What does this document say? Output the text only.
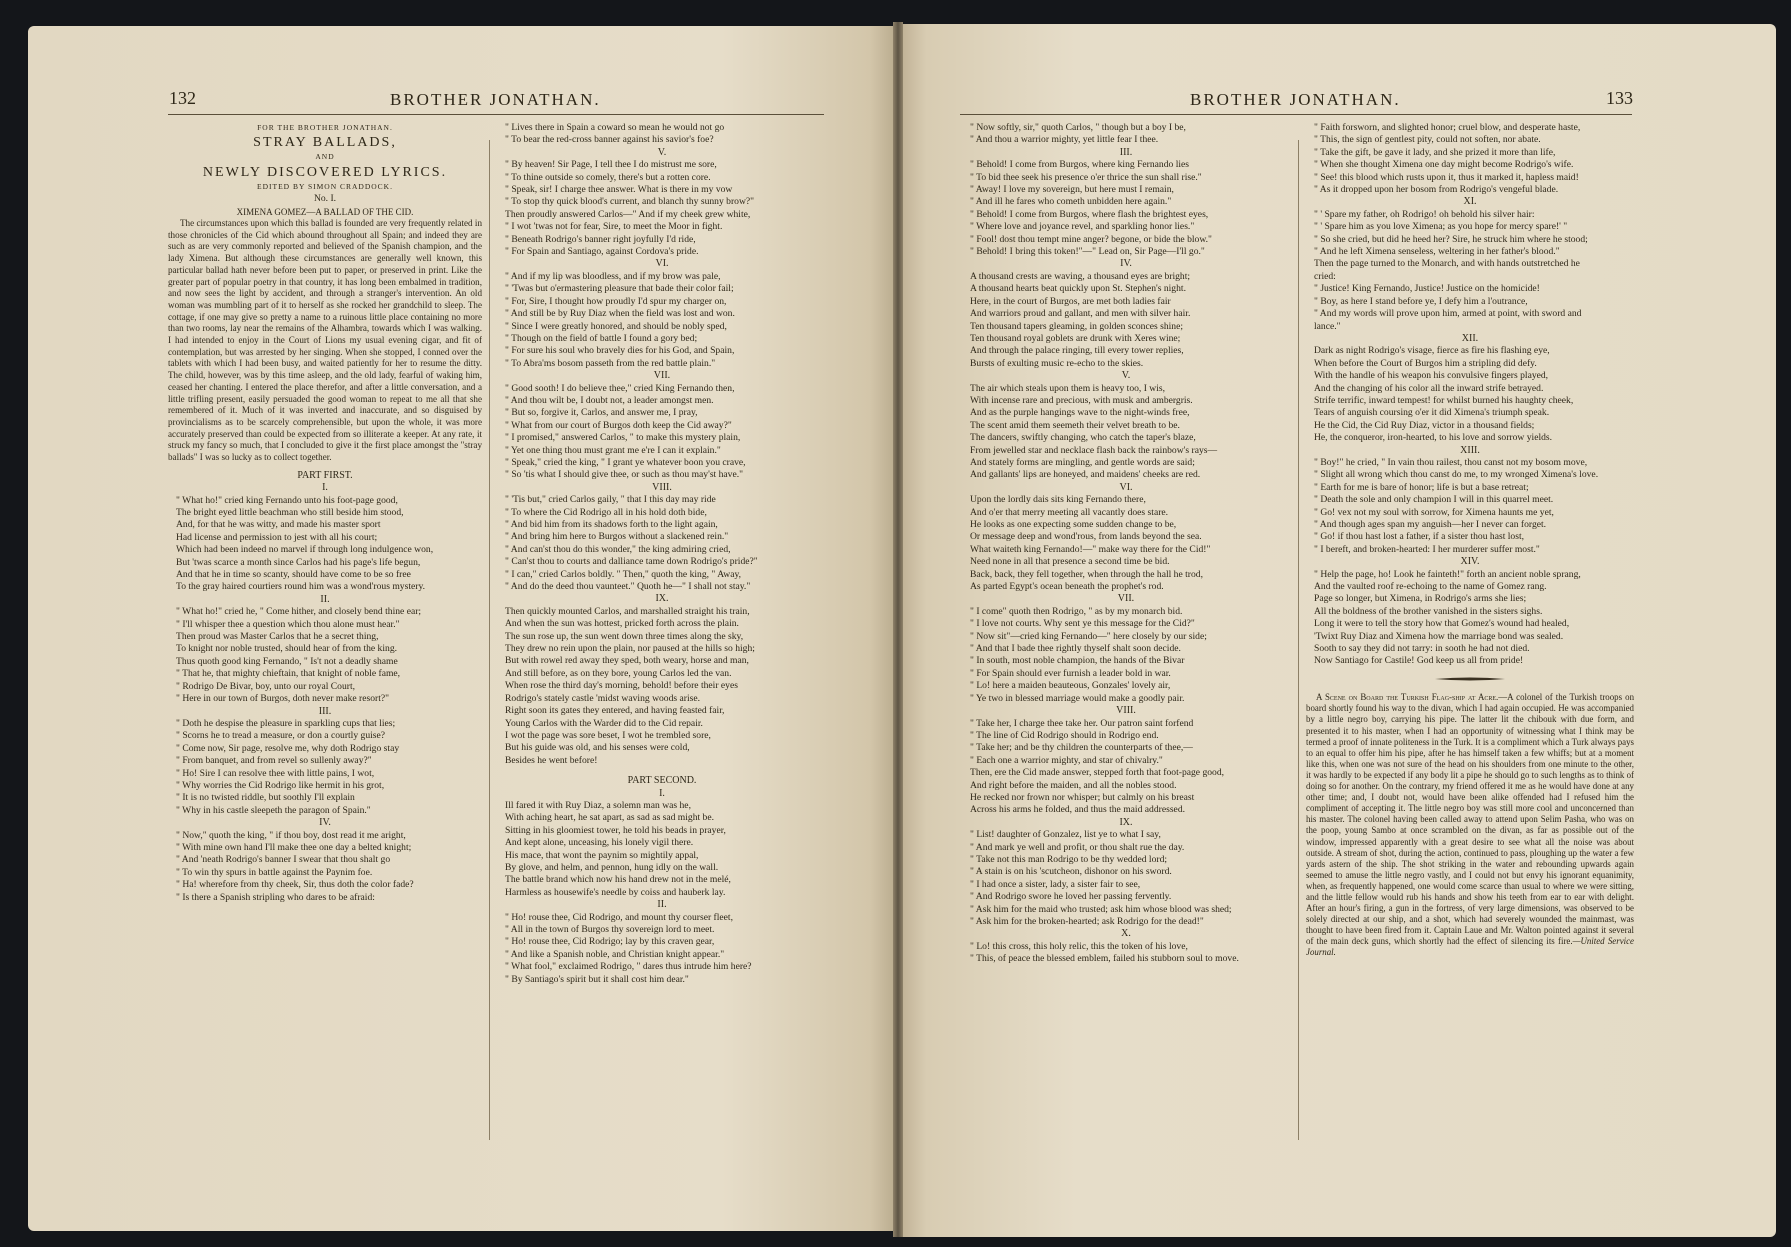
132	BROTHER JONATHAN.

FOR THE BROTHER JONATHAN.

STRAY BALLADS,

AND

NEWLY DISCOVERED LYRICS.

EDITED BY SIMON CRADDOCK.

No. I.

XIMENA GOMEZ—A BALLAD OF THE CID.

The circumstances upon which this ballad is founded are very frequently related in those chronicles of the Cid which abound throughout all Spain; and indeed they are such as are very commonly reported and believed of the Spanish champion, and the lady Ximena. But although these circumstances are generally well known, this particular ballad hath never before been put to paper, or preserved in print. Like the greater part of popular poetry in that country, it has long been embalmed in tradition, and now sees the light by accident, and through a stranger's intervention. An old woman was mumbling part of it to herself as she rocked her grandchild to sleep. The cottage, if one may give so pretty a name to a ruinous little place containing no more than two rooms, lay near the remains of the Alhambra, towards which I was walking. I had intended to enjoy in the Court of Lions my usual evening cigar, and fit of contemplation, but was arrested by her singing. When she stopped, I conned over the tablets with which I had been busy, and waited patiently for her to resume the ditty. The child, however, was by this time asleep, and the old lady, fearful of waking him, ceased her chanting. I entered the place therefor, and after a little conversation, and a little trifling present, easily persuaded the good woman to repeat to me all that she remembered of it. Much of it was inverted and inaccurate, and so disguised by provincialisms as to be scarcely comprehensible, but upon the whole, it was more accurately preserved than could be expected from so illiterate a keeper. At any rate, it struck my fancy so much, that I concluded to give it the first place amongst the "stray ballads" I was so lucky as to collect together.

PART FIRST.

I.

" What ho!" cried king Fernando unto his foot-page good,

The bright eyed little beachman who still beside him stood,

And, for that he was witty, and made his master sport

Had license and permission to jest with all his court;

Which had been indeed no marvel if through long indulgence won,

But 'twas scarce a month since Carlos had his page's life begun,

And that he in time so scanty, should have come to be so free

To the gray haired courtiers round him was a wond'rous mystery.

II.

" What ho!" cried he, " Come hither, and closely bend thine ear;

" I'll whisper thee a question which thou alone must hear."

Then proud was Master Carlos that he a secret thing,

To knight nor noble trusted, should hear of from the king.

Thus quoth good king Fernando, " Is't not a deadly shame

" That he, that mighty chieftain, that knight of noble fame,

" Rodrigo De Bivar, boy, unto our royal Court,

" Here in our town of Burgos, doth never make resort?"

III.

" Doth he despise the pleasure in sparkling cups that lies;

" Scorns he to tread a measure, or don a courtly guise?

" Come now, Sir page, resolve me, why doth Rodrigo stay

" From banquet, and from revel so sullenly away?"

" Ho! Sire I can resolve thee with little pains, I wot,

" Why worries the Cid Rodrigo like hermit in his grot,

" It is no twisted riddle, but soothly I'll explain

" Why in his castle sleepeth the paragon of Spain."

IV.

" Now," quoth the king, " if thou boy, dost read it me aright,

" With mine own hand I'll make thee one day a belted knight;

" And 'neath Rodrigo's banner I swear that thou shalt go

" To win thy spurs in battle against the Paynim foe.

" Ha! wherefore from thy cheek, Sir, thus doth the color fade?

" Is there a Spanish stripling who dares to be afraid:

" Lives there in Spain a coward so mean he would not go

" To bear the red-cross banner against his savior's foe?

V.

" By heaven! Sir Page, I tell thee I do mistrust me sore,

" To thine outside so comely, there's but a rotten core.

" Speak, sir! I charge thee answer. What is there in my vow

" To stop thy quick blood's current, and blanch thy sunny brow?"

Then proudly answered Carlos—" And if my cheek grew white,

" I wot 'twas not for fear, Sire, to meet the Moor in fight.

" Beneath Rodrigo's banner right joyfully I'd ride,

" For Spain and Santiago, against Cordova's pride.

VI.

" And if my lip was bloodless, and if my brow was pale,

" 'Twas but o'ermastering pleasure that bade their color fail;

" For, Sire, I thought how proudly I'd spur my charger on,

" And still be by Ruy Diaz when the field was lost and won.

" Since I were greatly honored, and should be nobly sped,

" Though on the field of battle I found a gory bed;

" For sure his soul who bravely dies for his God, and Spain,

" To Abra'ms bosom passeth from the red battle plain."

VII.

" Good sooth! I do believe thee," cried King Fernando then,

" And thou wilt be, I doubt not, a leader amongst men.

" But so, forgive it, Carlos, and answer me, I pray,

" What from our court of Burgos doth keep the Cid away?"

" I promised," answered Carlos, " to make this mystery plain,

" Yet one thing thou must grant me e're I can it explain."

" Speak," cried the king, " I grant ye whatever boon you crave,

" So 'tis what I should give thee, or such as thou may'st have."

VIII.

" 'Tis but," cried Carlos gaily, " that I this day may ride

" To where the Cid Rodrigo all in his hold doth bide,

" And bid him from its shadows forth to the light again,

" And bring him here to Burgos without a slackened rein."

" And can'st thou do this wonder," the king admiring cried,

" Can'st thou to courts and dalliance tame down Rodrigo's pride?"

" I can," cried Carlos boldly. " Then," quoth the king, " Away,

" And do the deed thou vaunteet." Quoth he—" I shall not stay."

IX.

Then quickly mounted Carlos, and marshalled straight his train,

And when the sun was hottest, pricked forth across the plain.

The sun rose up, the sun went down three times along the sky,

They drew no rein upon the plain, nor paused at the hills so high;

But with rowel red away they sped, both weary, horse and man,

And still before, as on they bore, young Carlos led the van.

When rose the third day's morning, behold! before their eyes

Rodrigo's stately castle 'midst waving woods arise.

Right soon its gates they entered, and having feasted fair,

Young Carlos with the Warder did to the Cid repair.

I wot the page was sore beset, I wot he trembled sore,

But his guide was old, and his senses were cold,

Besides he went before!

PART SECOND.

I.

Ill fared it with Ruy Diaz, a solemn man was he,

With aching heart, he sat apart, as sad as sad might be.

Sitting in his gloomiest tower, he told his beads in prayer,

And kept alone, unceasing, his lonely vigil there.

His mace, that wont the paynim so mightily appal,

By glove, and helm, and pennon, hung idly on the wall.

The battle brand which now his hand drew not in the melé,

Harmless as housewife's needle by coiss and hauberk lay.

II.

" Ho! rouse thee, Cid Rodrigo, and mount thy courser fleet,

" All in the town of Burgos thy sovereign lord to meet.

" Ho! rouse thee, Cid Rodrigo; lay by this craven gear,

" And like a Spanish noble, and Christian knight appear."

" What fool," exclaimed Rodrigo, " dares thus intrude him here?

" By Santiago's spirit but it shall cost him dear."

BROTHER JONATHAN.	133

" Now softly, sir," quoth Carlos, " though but a boy I be,

" And thou a warrior mighty, yet little fear I thee.

III.

" Behold! I come from Burgos, where king Fernando lies

" To bid thee seek his presence o'er thrice the sun shall rise."

" Away! I love my sovereign, but here must I remain,

" And ill he fares who cometh unbidden here again."

" Behold! I come from Burgos, where flash the brightest eyes,

" Where love and joyance revel, and sparkling honor lies."

" Fool! dost thou tempt mine anger? begone, or bide the blow."

" Behold! I bring this token!"—" Lead on, Sir Page—I'll go."

IV.

A thousand crests are waving, a thousand eyes are bright;

A thousand hearts beat quickly upon St. Stephen's night.

Here, in the court of Burgos, are met both ladies fair

And warriors proud and gallant, and men with silver hair.

Ten thousand tapers gleaming, in golden sconces shine;

Ten thousand royal goblets are drunk with Xeres wine;

And through the palace ringing, till every tower replies,

Bursts of exulting music re-echo to the skies.

V.

The air which steals upon them is heavy too, I wis,

With incense rare and precious, with musk and ambergris.

And as the purple hangings wave to the night-winds free,

The scent amid them seemeth their velvet breath to be.

The dancers, swiftly changing, who catch the taper's blaze,

From jewelled star and necklace flash back the rainbow's rays—

And stately forms are mingling, and gentle words are said;

And gallants' lips are honeyed, and maidens' cheeks are red.

VI.

Upon the lordly dais sits king Fernando there,

And o'er that merry meeting all vacantly does stare.

He looks as one expecting some sudden change to be,

Or message deep and wond'rous, from lands beyond the sea.

What waiteth king Fernando!—" make way there for the Cid!"

Need none in all that presence a second time be bid.

Back, back, they fell together, when through the hall he trod,

As parted Egypt's ocean beneath the prophet's rod.

VII.

" I come" quoth then Rodrigo, " as by my monarch bid.

" I love not courts. Why sent ye this message for the Cid?"

" Now sit"—cried king Fernando—" here closely by our side;

" And that I bade thee rightly thyself shalt soon decide.

" In south, most noble champion, the hands of the Bivar

" For Spain should ever furnish a leader bold in war.

" Lo! here a maiden beauteous, Gonzales' lovely air,

" Ye two in blessed marriage would make a goodly pair.

VIII.

" Take her, I charge thee take her. Our patron saint forfend

" The line of Cid Rodrigo should in Rodrigo end.

" Take her; and be thy children the counterparts of thee,—

" Each one a warrior mighty, and star of chivalry."

Then, ere the Cid made answer, stepped forth that foot-page good,

And right before the maiden, and all the nobles stood.

He recked nor frown nor whisper; but calmly on his breast

Across his arms he folded, and thus the maid addressed.

IX.

" List! daughter of Gonzalez, list ye to what I say,

" And mark ye well and profit, or thou shalt rue the day.

" Take not this man Rodrigo to be thy wedded lord;

" A stain is on his 'scutcheon, dishonor on his sword.

" I had once a sister, lady, a sister fair to see,

" And Rodrigo swore he loved her passing fervently.

" Ask him for the maid who trusted; ask him whose blood was shed;

" Ask him for the broken-hearted; ask Rodrigo for the dead!"

X.

" Lo! this cross, this holy relic, this the token of his love,

" This, of peace the blessed emblem, failed his stubborn soul to move.

" Faith forsworn, and slighted honor; cruel blow, and desperate haste,

" This, the sign of gentlest pity, could not soften, nor abate.

" Take the gift, be gave it lady, and she prized it more than life,

" When she thought Ximena one day might become Rodrigo's wife.

" See! this blood which rusts upon it, thus it marked it, hapless maid!

" As it dropped upon her bosom from Rodrigo's vengeful blade.

XI.

" ' Spare my father, oh Rodrigo! oh behold his silver hair:

" ' Spare him as you love Ximena; as you hope for mercy spare!' "

" So she cried, but did he heed her? Sire, he struck him where he stood;

" And he left Ximena senseless, weltering in her father's blood."

Then the page turned to the Monarch, and with hands outstretched he

cried:

" Justice! King Fernando, Justice! Justice on the homicide!

" Boy, as here I stand before ye, I defy him a l'outrance,

" And my words will prove upon him, armed at point, with sword and

lance."

XII.

Dark as night Rodrigo's visage, fierce as fire his flashing eye,

When before the Court of Burgos him a stripling did defy.

With the handle of his weapon his convulsive fingers played,

And the changing of his color all the inward strife betrayed.

Strife terrific, inward tempest! for whilst burned his haughty cheek,

Tears of anguish coursing o'er it did Ximena's triumph speak.

He the Cid, the Cid Ruy Diaz, victor in a thousand fields;

He, the conqueror, iron-hearted, to his love and sorrow yields.

XIII.

" Boy!" he cried, " In vain thou railest, thou canst not my bosom move,

" Slight all wrong which thou canst do me, to my wronged Ximena's love.

" Earth for me is bare of honor; life is but a base retreat;

" Death the sole and only champion I will in this quarrel meet.

" Go! vex not my soul with sorrow, for Ximena haunts me yet,

" And though ages span my anguish—her I never can forget.

" Go! if thou hast lost a father, if a sister thou hast lost,

" I bereft, and broken-hearted: I her murderer suffer most."

XIV.

" Help the page, ho! Look he fainteth!" forth an ancient noble sprang,

And the vaulted roof re-echoing to the name of Gomez rang.

Page so longer, but Ximena, in Rodrigo's arms she lies;

All the boldness of the brother vanished in the sisters sighs.

Long it were to tell the story how that Gomez's wound had healed,

'Twixt Ruy Diaz and Ximena how the marriage bond was sealed.

Sooth to say they did not tarry: in sooth he had not died.

Now Santiago for Castile! God keep us all from pride!

A Scene on Board the Turkish Flag-ship at Acre.—A colonel of the Turkish troops on board shortly found his way to the divan, which I had again occupied. He was accompanied by a little negro boy, carrying his pipe. The latter lit the chibouk with due form, and presented it to his master, when I had an opportunity of witnessing what I think may be termed a proof of innate politeness in the Turk. It is a compliment which a Turk always pays to an equal to offer him his pipe, after he has himself taken a few whiffs; but at a moment like this, when one was not sure of the head on his shoulders from one minute to the other, it was hardly to be expected if any body lit a pipe he should go to such lengths as to think of doing so for another. On the contrary, my friend offered it me as he would have done at any other time; and, I doubt not, would have been alike offended had I refused him the compliment of accepting it. The little negro boy was still more cool and unconcerned than his master. The colonel having been called away to attend upon Selim Pasha, who was on the poop, young Sambo at once scrambled on the divan, as far as possible out of the window, impressed apparently with a great desire to see what all the noise was about outside. A stream of shot, during the action, continued to pass, ploughing up the water a few yards astern of the ship. The shot striking in the water and rebounding upwards again seemed to amuse the little negro vastly, and I could not but envy his ignorant equanimity, when, as frequently happened, one would come scarce than usual to where we were sitting, and the little fellow would rub his hands and show his teeth from ear to ear with delight. After an hour's firing, a gun in the fortress, of very large dimensions, was observed to be solely directed at our ship, and a shot, which had severely wounded the mainmast, was thought to have been fired from it. Captain Laue and Mr. Walton pointed against it several of the main deck guns, which shortly had the effect of silencing its fire.—United Service Journal.
